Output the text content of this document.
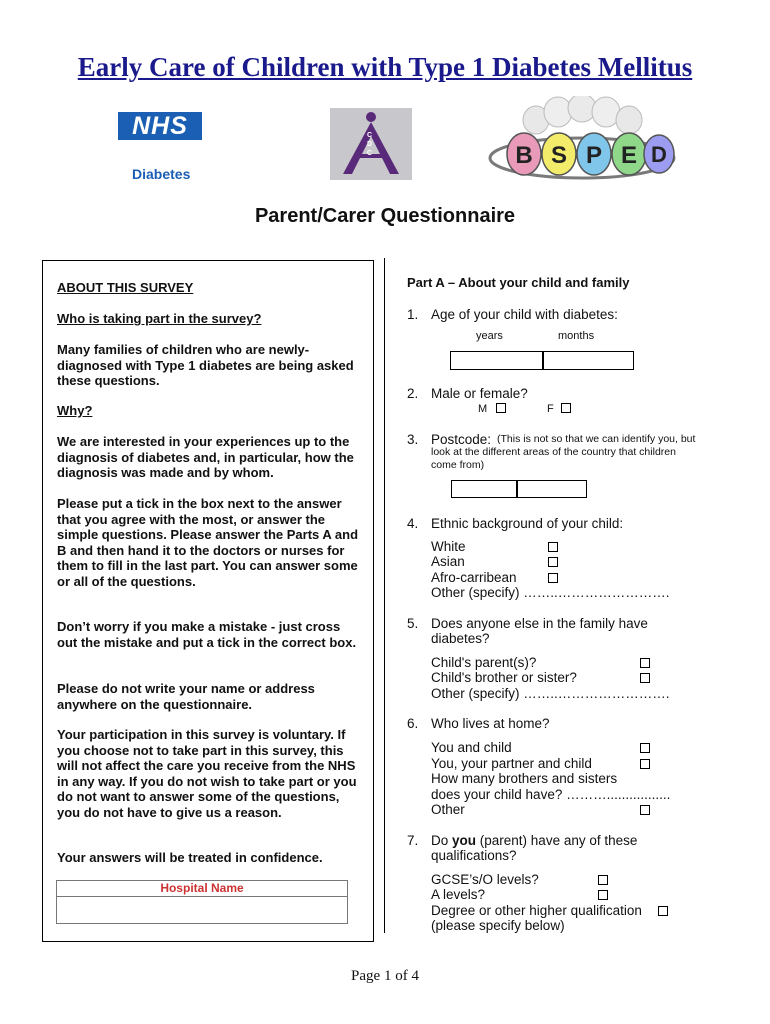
Early Care of Children with Type 1 Diabetes Mellitus
NHS
Diabetes
C
D
C	B S P E D
Parent/Carer Questionnaire
ABOUT THIS SURVEY
Who is taking part in the survey?
Many families of children who are newly-diagnosed with Type 1 diabetes are being asked these questions.
Why?
We are interested in your experiences up to the diagnosis of diabetes and, in particular, how the diagnosis was made and by whom.
Please put a tick in the box next to the answer that you agree with the most, or answer the simple questions. Please answer the Parts A and B and then hand it to the doctors or nurses for them to fill in the last part. You can answer some or all of the questions.
Don’t worry if you make a mistake - just cross out the mistake and put a tick in the correct box.
Please do not write your name or address anywhere on the questionnaire.
Your participation in this survey is voluntary. If you choose not to take part in this survey, this will not affect the care you receive from the NHS in any way. If you do not wish to take part or you do not want to answer some of the questions, you do not have to give us a reason.
Your answers will be treated in confidence.
Hospital Name
Part A – About your child and family
1. Age of your child with diabetes:
years	months
2. Male or female?
M	F
3. Postcode: (This is not so that we can identify you, but look at the different areas of the country that children come from)
4. Ethnic background of your child:
White
Asian
Afro-carribean
Other (specify) ……..…………………….
5. Does anyone else in the family have
diabetes?
Child's parent(s)?
Child's brother or sister?
Other (specify) ……..…………………….
6. Who lives at home?
You and child
You, your partner and child
How many brothers and sisters
does your child have? ……….................
Other
7. Do you (parent) have any of these
qualifications?
GCSE’s/O levels?
A levels?
Degree or other higher qualification
(please specify below)
Page 1 of 4
